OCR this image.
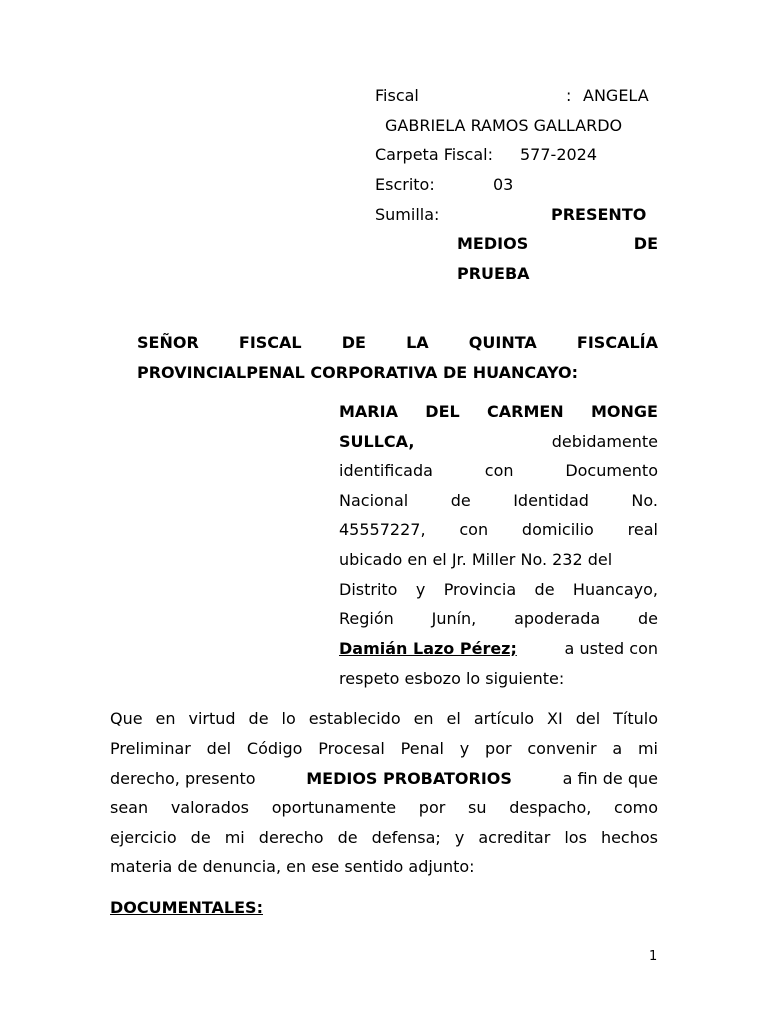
Fiscal	: ANGELA
GABRIELA RAMOS GALLARDO
Carpeta Fiscal: 577-2024
Escrito:	03
Sumilla:	PRESENTO
MEDIOS	DE
PRUEBA
SEÑOR	FISCAL	DE	LA	QUINTA	FISCALÍA
PROVINCIALPENAL CORPORATIVA DE HUANCAYO:
MARIA DEL CARMEN MONGE
SULLCA,	debidamente
identificada	con	Documento
Nacional	de	Identidad	No.
45557227, con domicilio real
ubicado en el Jr. Miller No. 232 del
Distrito y Provincia de Huancayo,
Región Junín, apoderada de
Damián Lazo Pérez;	a usted con
respeto esbozo lo siguiente:
Que en virtud de lo establecido en el artículo XI del Título
Preliminar del Código Procesal Penal y por convenir a mi
derecho, presento	MEDIOS PROBATORIOS	a fin de que
sean valorados oportunamente por su despacho, como
ejercicio de mi derecho de defensa; y acreditar los hechos
materia de denuncia, en ese sentido adjunto:
DOCUMENTALES:
1
